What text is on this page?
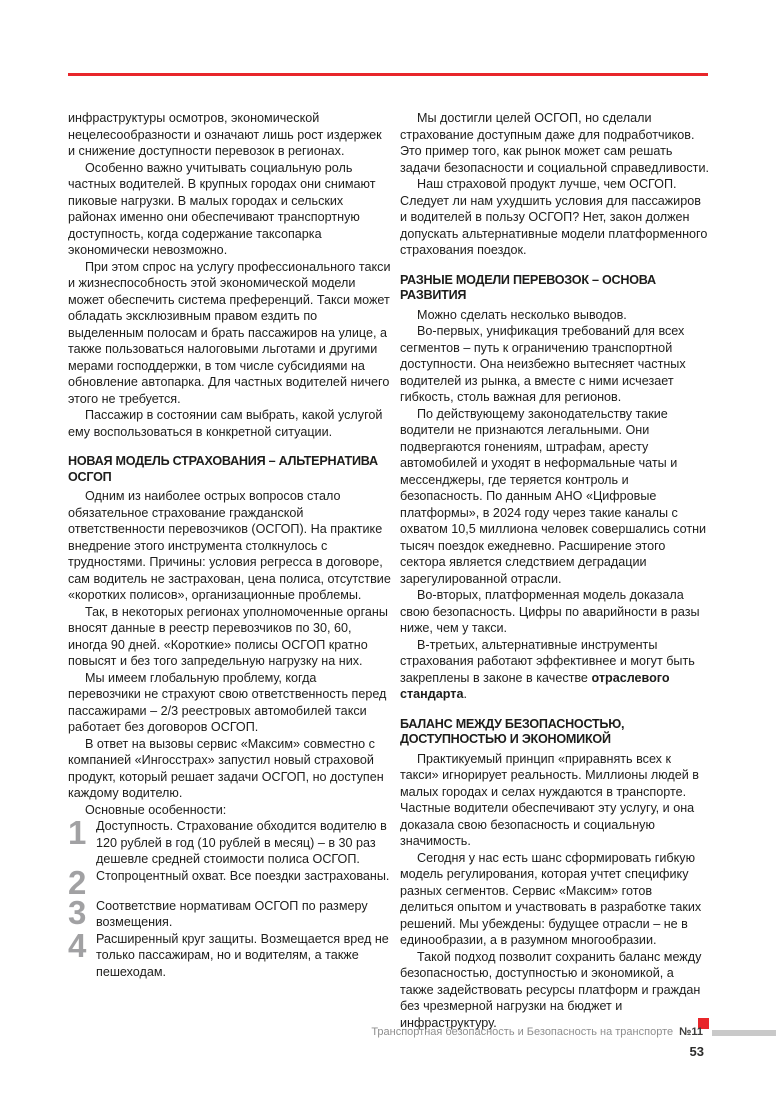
инфраструктуры осмотров, экономической нецелесообразности и означают лишь рост издержек и снижение доступности перевозок в регионах.

Особенно важно учитывать социальную роль частных водителей. В крупных городах они снимают пиковые нагрузки. В малых городах и сельских районах именно они обеспечивают транспортную доступность, когда содержание таксопарка экономически невозможно.

При этом спрос на услугу профессионального такси и жизнеспособность этой экономической модели может обеспечить система преференций. Такси может обладать эксклюзивным правом ездить по выделенным полосам и брать пассажиров на улице, а также пользоваться налоговыми льготами и другими мерами господдержки, в том числе субсидиями на обновление автопарка. Для частных водителей ничего этого не требуется.

Пассажир в состоянии сам выбрать, какой услугой ему воспользоваться в конкретной ситуации.

НОВАЯ МОДЕЛЬ СТРАХОВАНИЯ – АЛЬТЕРНАТИВА ОСГОП

Одним из наиболее острых вопросов стало обязательное страхование гражданской ответственности перевозчиков (ОСГОП). На практике внедрение этого инструмента столкнулось с трудностями. Причины: условия регресса в договоре, сам водитель не застрахован, цена полиса, отсутствие «коротких полисов», организационные проблемы.

Так, в некоторых регионах уполномоченные органы вносят данные в реестр перевозчиков по 30, 60, иногда 90 дней. «Короткие» полисы ОСГОП кратно повысят и без того запредельную нагрузку на них.

Мы имеем глобальную проблему, когда перевозчики не страхуют свою ответственность перед пассажирами – 2/3 реестровых автомобилей такси работает без договоров ОСГОП.

В ответ на вызовы сервис «Максим» совместно с компанией «Ингосстрах» запустил новый страховой продукт, который решает задачи ОСГОП, но доступен каждому водителю.

Основные особенности:

1 Доступность. Страхование обходится водителю в 120 рублей в год (10 рублей в месяц) – в 30 раз дешевле средней стоимости полиса ОСГОП.
2 Стопроцентный охват. Все поездки застрахованы.
3 Соответствие нормативам ОСГОП по размеру возмещения.
4 Расширенный круг защиты. Возмещается вред не только пассажирам, но и водителям, а также пешеходам.

Мы достигли целей ОСГОП, но сделали страхование доступным даже для подработчиков. Это пример того, как рынок может сам решать задачи безопасности и социальной справедливости.

Наш страховой продукт лучше, чем ОСГОП. Следует ли нам ухудшить условия для пассажиров и водителей в пользу ОСГОП? Нет, закон должен допускать альтернативные модели платформенного страхования поездок.

РАЗНЫЕ МОДЕЛИ ПЕРЕВОЗОК – ОСНОВА РАЗВИТИЯ

Можно сделать несколько выводов.

Во-первых, унификация требований для всех сегментов – путь к ограничению транспортной доступности. Она неизбежно вытесняет частных водителей из рынка, а вместе с ними исчезает гибкость, столь важная для регионов.

По действующему законодательству такие водители не признаются легальными. Они подвергаются гонениям, штрафам, аресту автомобилей и уходят в неформальные чаты и мессенджеры, где теряется контроль и безопасность. По данным АНО «Цифровые платформы», в 2024 году через такие каналы с охватом 10,5 миллиона человек совершались сотни тысяч поездок ежедневно. Расширение этого сектора является следствием деградации зарегулированной отрасли.

Во-вторых, платформенная модель доказала свою безопасность. Цифры по аварийности в разы ниже, чем у такси.

В-третьих, альтернативные инструменты страхования работают эффективнее и могут быть закреплены в законе в качестве отраслевого стандарта.

БАЛАНС МЕЖДУ БЕЗОПАСНОСТЬЮ, ДОСТУПНОСТЬЮ И ЭКОНОМИКОЙ

Практикуемый принцип «приравнять всех к такси» игнорирует реальность. Миллионы людей в малых городах и селах нуждаются в транспорте. Частные водители обеспечивают эту услугу, и она доказала свою безопасность и социальную значимость.

Сегодня у нас есть шанс сформировать гибкую модель регулирования, которая учтет специфику разных сегментов. Сервис «Максим» готов делиться опытом и участвовать в разработке таких решений. Мы убеждены: будущее отрасли – не в единообразии, а в разумном многообразии.

Такой подход позволит сохранить баланс между безопасностью, доступностью и экономикой, а также задействовать ресурсы платформ и граждан без чрезмерной нагрузки на бюджет и инфраструктуру.

Транспортная безопасность и Безопасность на транспорте №11
53
